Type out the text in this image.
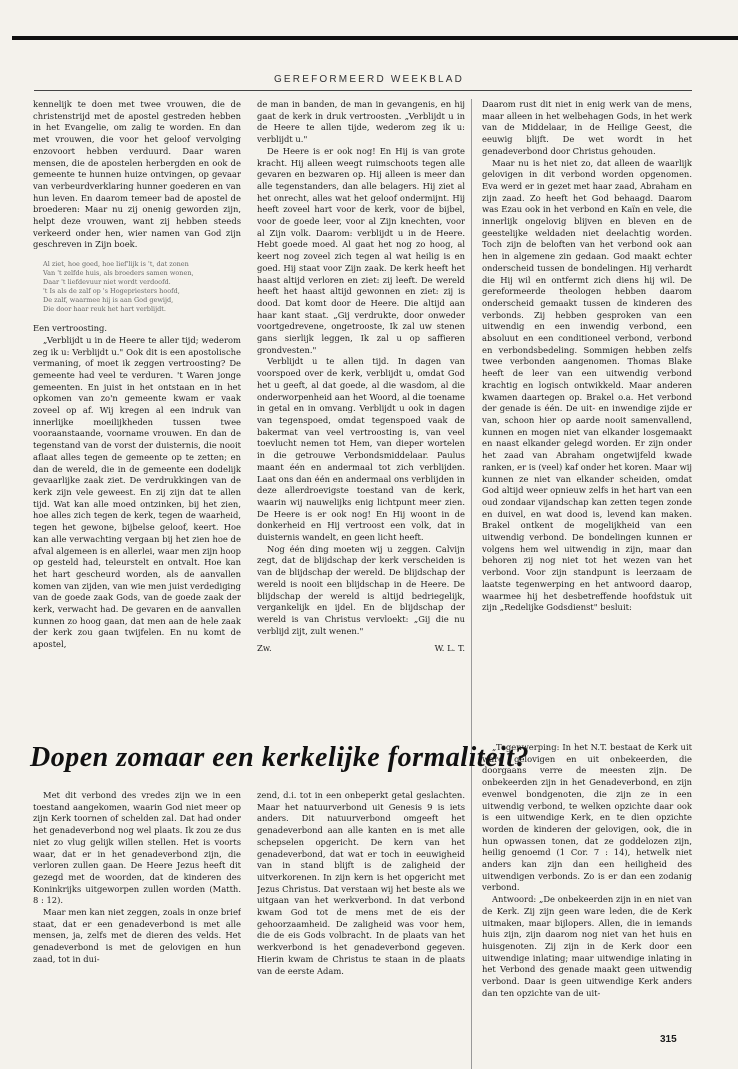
GEREFORMEERD WEEKBLAD

kennelijk te doen met twee vrouwen, die de christenstrijd met de apostel gestreden hebben in het Evangelie, om zalig te worden. En dan met vrouwen, die voor het geloof vervolging enzovoort hebben verduurd. Daar waren mensen, die de apostelen herbergden en ook de gemeente te hunnen huize ontvingen, op gevaar van verbeurdverklaring hunner goederen en van hun leven. En daarom temeer bad de apostel de broederen: Maar nu zij onenig geworden zijn, helpt deze vrouwen, want zij hebben steeds verkeerd onder hen, wier namen van God zijn geschreven in Zijn boek.

Al ziet, hoe goed, hoe lief'lijk is 't, dat zonen
Van 't zelfde huis, als broeders samen wonen,
Daar 't liefdevuur niet wordt verdoofd.
't Is als de zalf op 's Hogepriesters hoofd,
De zalf, waarmee hij is aan God gewijd,
Die door haar reuk het hart verblijdt.

Een vertroosting.

„Verblijdt u in de Heere te aller tijd; wederom zeg ik u: Verblijdt u." Ook dit is een apostolische vermaning, of moet ik zeggen vertroosting? De gemeente had veel te verduren. 't Waren jonge gemeenten. En juist in het ontstaan en in het opkomen van zo'n gemeente kwam er vaak zoveel op af. Wij kregen al een indruk van innerlijke moeilijkheden tussen twee vooraanstaande, voorname vrouwen. En dan de tegenstand van de vorst der duisternis, die nooit aflaat alles tegen de gemeente op te zetten; en dan de wereld, die in de gemeente een dodelijk gevaarlijke zaak ziet. De verdrukkingen van de kerk zijn vele geweest. En zij zijn dat te allen tijd. Wat kan alle moed ontzinken, bij het zien, hoe alles zich tegen de kerk, tegen de waarheid, tegen het gewone, bijbelse geloof, keert. Hoe kan alle verwachting vergaan bij het zien hoe de afval algemeen is en allerlei, waar men zijn hoop op gesteld had, teleurstelt en ontvalt. Hoe kan het hart gescheurd worden, als de aanvallen komen van zijden, van wie men juist verdediging van de goede zaak Gods, van de goede zaak der kerk, verwacht had. De gevaren en de aanvallen kunnen zo hoog gaan, dat men aan de hele zaak der kerk zou gaan twijfelen. En nu komt de apostel,

de man in banden, de man in gevangenis, en hij gaat de kerk in druk vertroosten. „Verblijdt u in de Heere te allen tijde, wederom zeg ik u: verblijdt u."

De Heere is er ook nog! En Hij is van grote kracht. Hij alleen weegt ruimschoots tegen alle gevaren en bezwaren op. Hij alleen is meer dan alle tegenstanders, dan alle belagers. Hij ziet al het onrecht, alles wat het geloof ondermijnt. Hij heeft zoveel hart voor de kerk, voor de bijbel, voor de goede leer, voor al Zijn knechten, voor al Zijn volk. Daarom: verblijdt u in de Heere. Hebt goede moed. Al gaat het nog zo hoog, al keert nog zoveel zich tegen al wat heilig is en goed. Hij staat voor Zijn zaak. De kerk heeft het haast altijd verloren en ziet: zij leeft. De wereld heeft het haast altijd gewonnen en ziet: zij is dood. Dat komt door de Heere. Die altijd aan haar kant staat. „Gij verdrukte, door onweder voortgedrevene, ongetrooste, Ik zal uw stenen gans sierlijk leggen, Ik zal u op saffieren grondvesten."

Verblijdt u te allen tijd. In dagen van voorspoed over de kerk, verblijdt u, omdat God het u geeft, al dat goede, al die wasdom, al die onderworpenheid aan het Woord, al die toename in getal en in omvang. Verblijdt u ook in dagen van tegenspoed, omdat tegenspoed vaak de bakermat van veel vertroosting is, van veel toevlucht nemen tot Hem, van dieper wortelen in die getrouwe Verbondsmiddelaar. Paulus maant één en andermaal tot zich verblijden. Laat ons dan één en andermaal ons verblijden in deze allerdroevigste toestand van de kerk, waarin wij nauwelijks enig lichtpunt meer zien. De Heere is er ook nog! En Hij woont in de donkerheid en Hij vertroost een volk, dat in duisternis wandelt, en geen licht heeft.

Nog één ding moeten wij u zeggen. Calvijn zegt, dat de blijdschap der kerk verscheiden is van de blijdschap der wereld. De blijdschap der wereld is nooit een blijdschap in de Heere. De blijdschap der wereld is altijd bedriegelijk, vergankelijk en ijdel. En de blijdschap der wereld is van Christus vervloekt: „Gij die nu verblijd zijt, zult wenen."

Zw.	W. L. T.

Daarom rust dit niet in enig werk van de mens, maar alleen in het welbehagen Gods, in het werk van de Middelaar, in de Heilige Geest, die eeuwig blijft. De wet wordt in het genadeverbond door Christus gehouden.

Maar nu is het niet zo, dat alleen de waarlijk gelovigen in dit verbond worden opgenomen. Eva werd er in gezet met haar zaad, Abraham en zijn zaad. Zo heeft het God behaagd. Daarom was Ezau ook in het verbond en Kaïn en vele, die innerlijk ongelovig blijven en bleven en de geestelijke weldaden niet deelachtig worden. Toch zijn de beloften van het verbond ook aan hen in algemene zin gedaan. God maakt echter onderscheid tussen de bondelingen. Hij verhardt die Hij wil en ontfermt zich diens hij wil. De gereformeerde theologen hebben daarom onderscheid gemaakt tussen de kinderen des verbonds. Zij hebben gesproken van een uitwendig en een inwendig verbond, een absoluut en een conditioneel verbond, verbond en verbondsbedeling. Sommigen hebben zelfs twee verbonden aangenomen. Thomas Blake heeft de leer van een uitwendig verbond krachtig en logisch ontwikkeld. Maar anderen kwamen daartegen op. Brakel o.a. Het verbond der genade is één. De uit- en inwendige zijde er van, schoon hier op aarde nooit samenvallend, kunnen en mogen niet van elkander losgemaakt en naast elkander gelegd worden. Er zijn onder het zaad van Abraham ongetwijfeld kwade ranken, er is (veel) kaf onder het koren. Maar wij kunnen ze niet van elkander scheiden, omdat God altijd weer opnieuw zelfs in het hart van een oud zondaar vijandschap kan zetten tegen zonde en duivel, en wat dood is, levend kan maken. Brakel ontkent de mogelijkheid van een uitwendig verbond. De bondelingen kunnen er volgens hem wel uitwendig in zijn, maar dan behoren zij nog niet tot het wezen van het verbond. Voor zijn standpunt is leerzaam de laatste tegenwerping en het antwoord daarop, waarmee hij het desbetreffende hoofdstuk uit zijn „Redelijke Godsdienst" besluit:

Dopen zomaar een kerkelijke formaliteit?

Met dit verbond des vredes zijn we in een toestand aangekomen, waarin God niet meer op zijn Kerk toornen of schelden zal. Dat had onder het genadeverbond nog wel plaats. Ik zou ze dus niet zo vlug gelijk willen stellen. Het is voorts waar, dat er in het genadeverbond zijn, die verloren zullen gaan. De Heere Jezus heeft dit gezegd met de woorden, dat de kinderen des Koninkrijks uitgeworpen zullen worden (Matth. 8 : 12).

Maar men kan niet zeggen, zoals in onze brief staat, dat er een genadeverbond is met alle mensen, ja, zelfs met de dieren des velds. Het genadeverbond is met de gelovigen en hun zaad, tot in dui-

zend, d.i. tot in een onbeperkt getal geslachten. Maar het natuurverbond uit Genesis 9 is iets anders. Dit natuurverbond omgeeft het genadeverbond aan alle kanten en is met alle schepselen opgericht. De kern van het genadeverbond, dat wat er toch in eeuwigheid van in stand blijft is de zaligheid der uitverkorenen. In zijn kern is het opgericht met Jezus Christus. Dat verstaan wij het beste als we uitgaan van het werkverbond. In dat verbond kwam God tot de mens met de eis der gehoorzaamheid. De zaligheid was voor hem, die de eis Gods volbracht. In de plaats van het werkverbond is het genadeverbond gegeven. Hierin kwam de Christus te staan in de plaats van de eerste Adam.

„Tegenwerping: In het N.T. bestaat de Kerk uit ware gelovigen en uit onbekeerden, die doorgaans verre de meesten zijn. De onbekeerden zijn in het Genadeverbond, en zijn evenwel bondgenoten, die zijn ze in een uitwendig verbond, te welken opzichte daar ook is een uitwendige Kerk, en te dien opzichte worden de kinderen der gelovigen, ook, die in hun opwassen tonen, dat ze goddelozen zijn, heilig genoemd (1 Cor. 7 : 14), hetwelk niet anders kan zijn dan een heiligheid des uitwendigen verbonds. Zo is er dan een zodanig verbond.

Antwoord: „De onbekeerden zijn in en niet van de Kerk. Zij zijn geen ware leden, die de Kerk uitmaken, maar bijlopers. Allen, die in iemands huis zijn, zijn daarom nog niet van het huis en huisgenoten. Zij zijn in de Kerk door een uitwendige inlating; maar uitwendige inlating in het Verbond des genade maakt geen uitwendig verbond. Daar is geen uitwendige Kerk anders dan ten opzichte van de uit-

315
